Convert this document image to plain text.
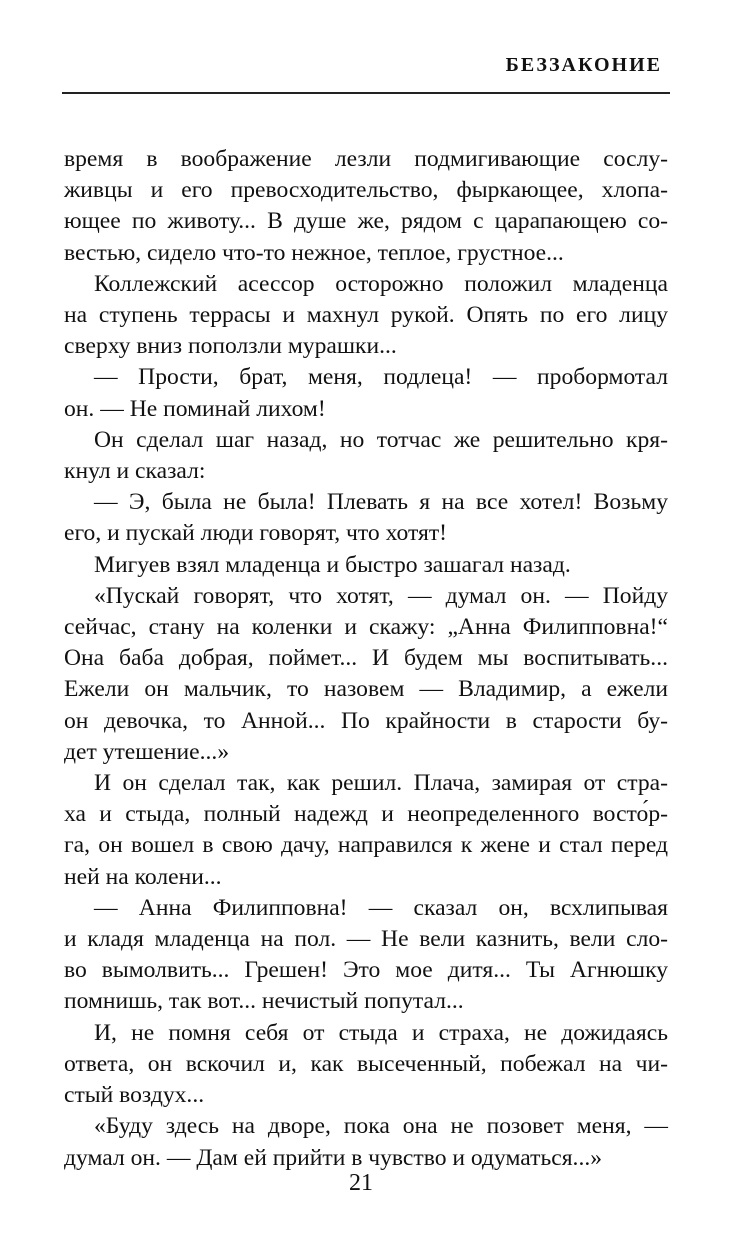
БЕЗЗАКОНИЕ
время в воображение лезли подмигивающие сослу-
живцы и его превосходительство, фыркающее, хлопа-
ющее по животу... В душе же, рядом с царапающею со-
вестью, сидело что-то нежное, теплое, грустное...
Коллежский асессор осторожно положил младенца
на ступень террасы и махнул рукой. Опять по его лицу
сверху вниз поползли мурашки...
— Прости, брат, меня, подлеца! — пробормотал
он. — Не поминай лихом!
Он сделал шаг назад, но тотчас же решительно кря-
кнул и сказал:
— Э, была не была! Плевать я на все хотел! Возьму
его, и пускай люди говорят, что хотят!
Мигуев взял младенца и быстро зашагал назад.
«Пускай говорят, что хотят, — думал он. — Пойду
сейчас, стану на коленки и скажу: „Анна Филипповна!“
Она баба добрая, поймет... И будем мы воспитывать...
Ежели он мальчик, то назовем — Владимир, а ежели
он девочка, то Анной... По крайности в старости бу-
дет утешение...»
И он сделал так, как решил. Плача, замирая от стра-
ха и стыда, полный надежд и неопределенного восто́р-
га, он вошел в свою дачу, направился к жене и стал перед
ней на колени...
— Анна Филипповна! — сказал он, всхлипывая
и кладя младенца на пол. — Не вели казнить, вели сло-
во вымолвить... Грешен! Это мое дитя... Ты Агнюшку
помнишь, так вот... нечистый попутал...
И, не помня себя от стыда и страха, не дожидаясь
ответа, он вскочил и, как высеченный, побежал на чи-
стый воздух...
«Буду здесь на дворе, пока она не позовет меня, —
думал он. — Дам ей прийти в чувство и одуматься...»
21
